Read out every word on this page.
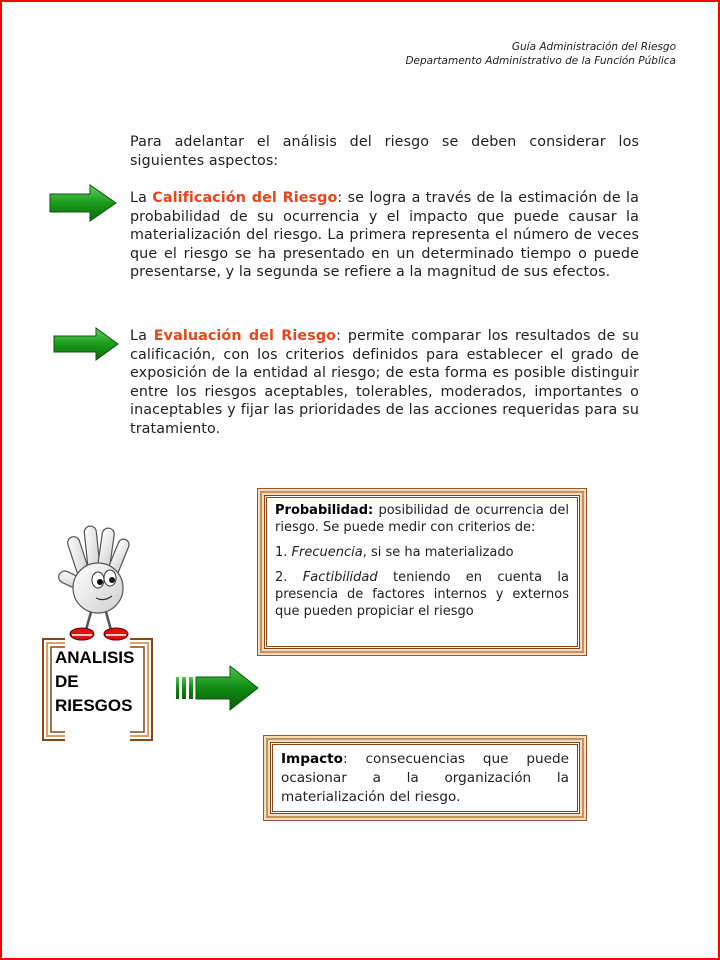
Guía Administración del Riesgo
Departamento Administrativo de la Función Pública
Para adelantar el análisis del riesgo se deben considerar los siguientes aspectos:
La Calificación del Riesgo: se logra a través de la estimación de la probabilidad de su ocurrencia y el impacto que puede causar la materialización del riesgo. La primera representa el número de veces que el riesgo se ha presentado en un determinado tiempo o puede presentarse, y la segunda se refiere a la magnitud de sus efectos.
La Evaluación del Riesgo: permite comparar los resultados de su calificación, con los criterios definidos para establecer el grado de exposición de la entidad al riesgo; de esta forma es posible distinguir entre los riesgos aceptables, tolerables, moderados, importantes o inaceptables y fijar las prioridades de las acciones requeridas para su tratamiento.

Probabilidad: posibilidad de ocurrencia del riesgo. Se puede medir con criterios de:

1. Frecuencia, si se ha materializado

2. Factibilidad teniendo en cuenta la presencia de factores internos y externos que pueden propiciar el riesgo

ANALISIS
DE
RIESGOS

Impacto: consecuencias que puede ocasionar a la organización la materialización del riesgo.
